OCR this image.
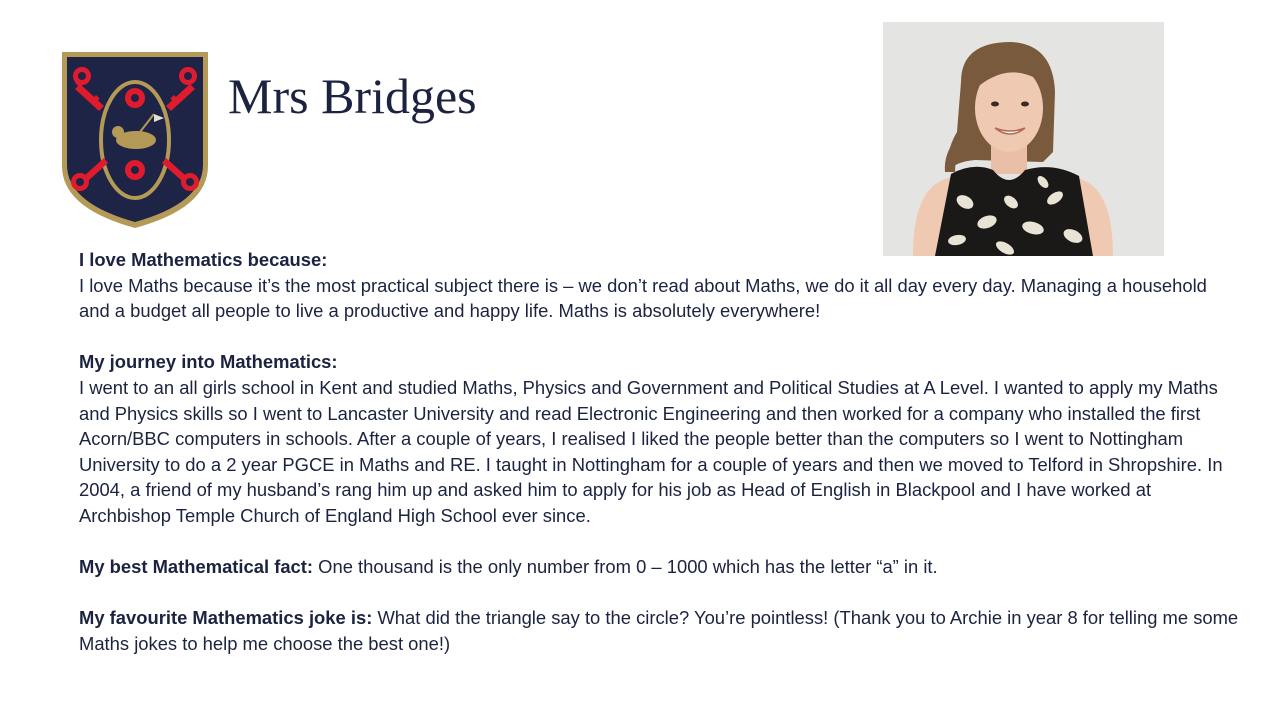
Mrs Bridges

I love Mathematics because:

I love Maths because it’s the most practical subject there is – we don’t read about Maths, we do it all day every day. Managing a household and a budget all people to live a productive and happy life. Maths is absolutely everywhere!

My journey into Mathematics:

I went to an all girls school in Kent and studied Maths, Physics and Government and Political Studies at A Level. I wanted to apply my Maths and Physics skills so I went to Lancaster University and read Electronic Engineering and then worked for a company who installed the first Acorn/BBC computers in schools. After a couple of years, I realised I liked the people better than the computers so I went to Nottingham University to do a 2 year PGCE in Maths and RE. I taught in Nottingham for a couple of years and then we moved to Telford in Shropshire. In 2004, a friend of my husband’s rang him up and asked him to apply for his job as Head of English in Blackpool and I have worked at Archbishop Temple Church of England High School ever since.

My best Mathematical fact: One thousand is the only number from 0 – 1000 which has the letter “a” in it.

My favourite Mathematics joke is: What did the triangle say to the circle? You’re pointless! (Thank you to Archie in year 8 for telling me some Maths jokes to help me choose the best one!)
